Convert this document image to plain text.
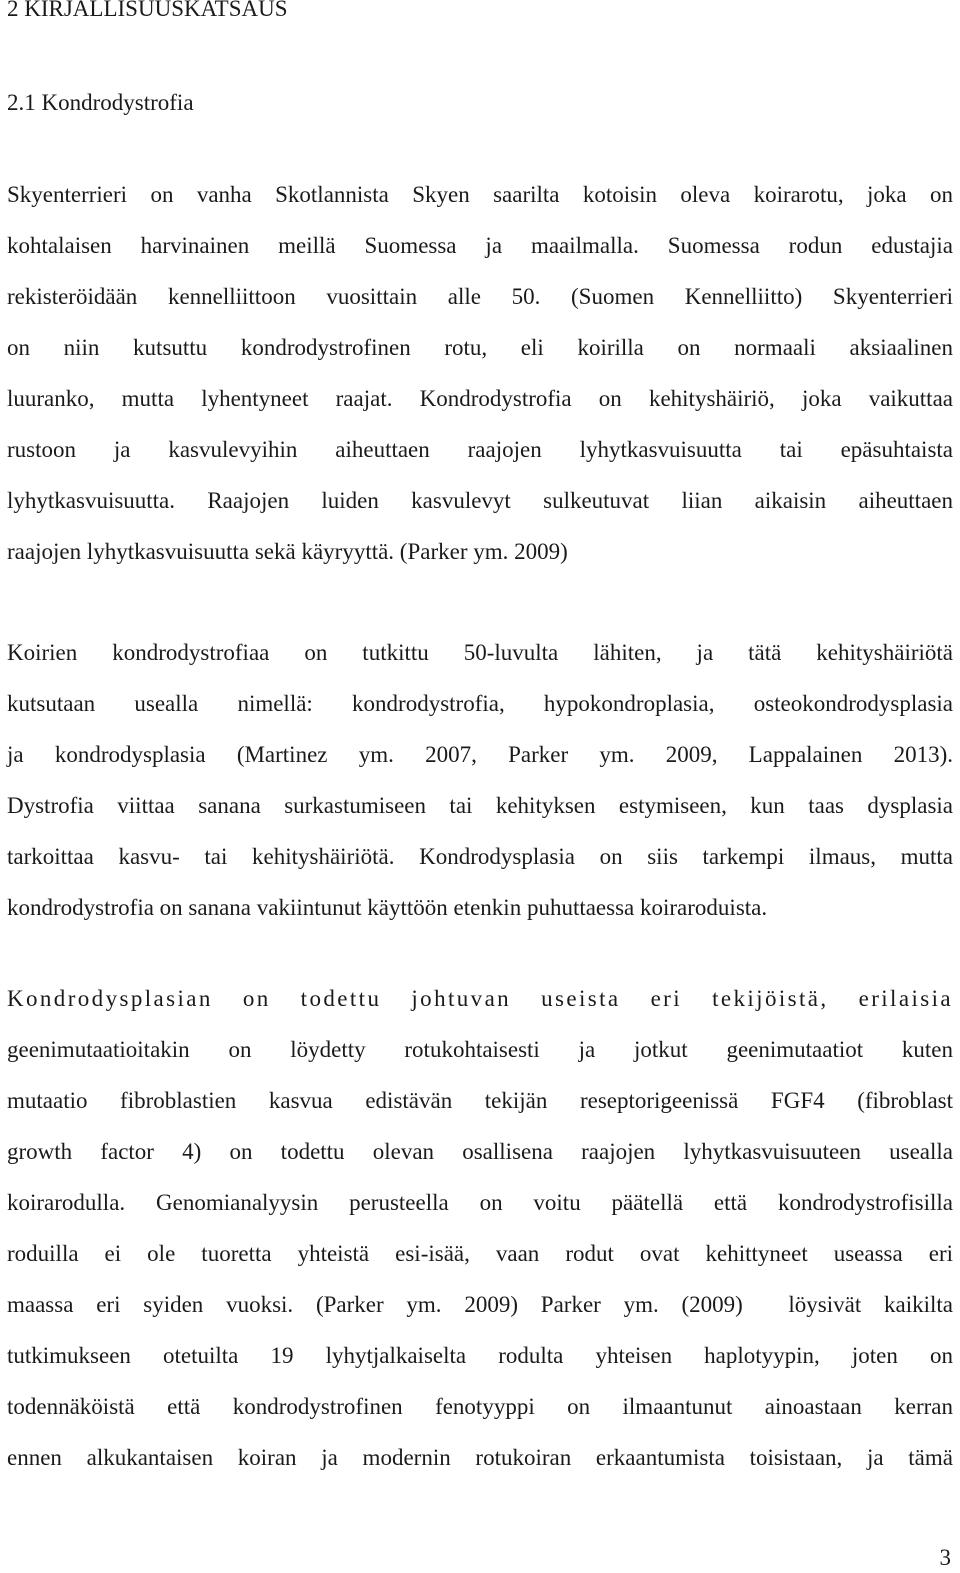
2 KIRJALLISUUSKATSAUS
2.1 Kondrodystrofia
Skyenterrieri on vanha Skotlannista Skyen saarilta kotoisin oleva koirarotu, joka on
kohtalaisen harvinainen meillä Suomessa ja maailmalla. Suomessa rodun edustajia
rekisteröidään kennelliittoon vuosittain alle 50. (Suomen Kennelliitto) Skyenterrieri
on niin kutsuttu kondrodystrofinen rotu, eli koirilla on normaali aksiaalinen
luuranko, mutta lyhentyneet raajat. Kondrodystrofia on kehityshäiriö, joka vaikuttaa
rustoon ja kasvulevyihin aiheuttaen raajojen lyhytkasvuisuutta tai epäsuhtaista
lyhytkasvuisuutta. Raajojen luiden kasvulevyt sulkeutuvat liian aikaisin aiheuttaen
raajojen lyhytkasvuisuutta sekä käyryyttä. (Parker ym. 2009)
Koirien kondrodystrofiaa on tutkittu 50-luvulta lähiten, ja tätä kehityshäiriötä
kutsutaan usealla nimellä: kondrodystrofia, hypokondroplasia, osteokondrodysplasia
ja kondrodysplasia (Martinez ym. 2007, Parker ym. 2009, Lappalainen 2013).
Dystrofia viittaa sanana surkastumiseen tai kehityksen estymiseen, kun taas dysplasia
tarkoittaa kasvu- tai kehityshäiriötä. Kondrodysplasia on siis tarkempi ilmaus, mutta
kondrodystrofia on sanana vakiintunut käyttöön etenkin puhuttaessa koiraroduista.
Kondrodysplasian on todettu johtuvan useista eri tekijöistä, erilaisia
geenimutaatioitakin on löydetty rotukohtaisesti ja jotkut geenimutaatiot kuten
mutaatio fibroblastien kasvua edistävän tekijän reseptorigeenissä FGF4 (fibroblast
growth factor 4) on todettu olevan osallisena raajojen lyhytkasvuisuuteen usealla
koirarodulla. Genomianalyysin perusteella on voitu päätellä että kondrodystrofisilla
roduilla ei ole tuoretta yhteistä esi-isää, vaan rodut ovat kehittyneet useassa eri
maassa eri syiden vuoksi. (Parker ym. 2009) Parker ym. (2009)  löysivät kaikilta
tutkimukseen otetuilta 19 lyhytjalkaiselta rodulta yhteisen haplotyypin, joten on
todennäköistä että kondrodystrofinen fenotyyppi on ilmaantunut ainoastaan kerran
ennen alkukantaisen koiran ja modernin rotukoiran erkaantumista toisistaan, ja tämä
3
